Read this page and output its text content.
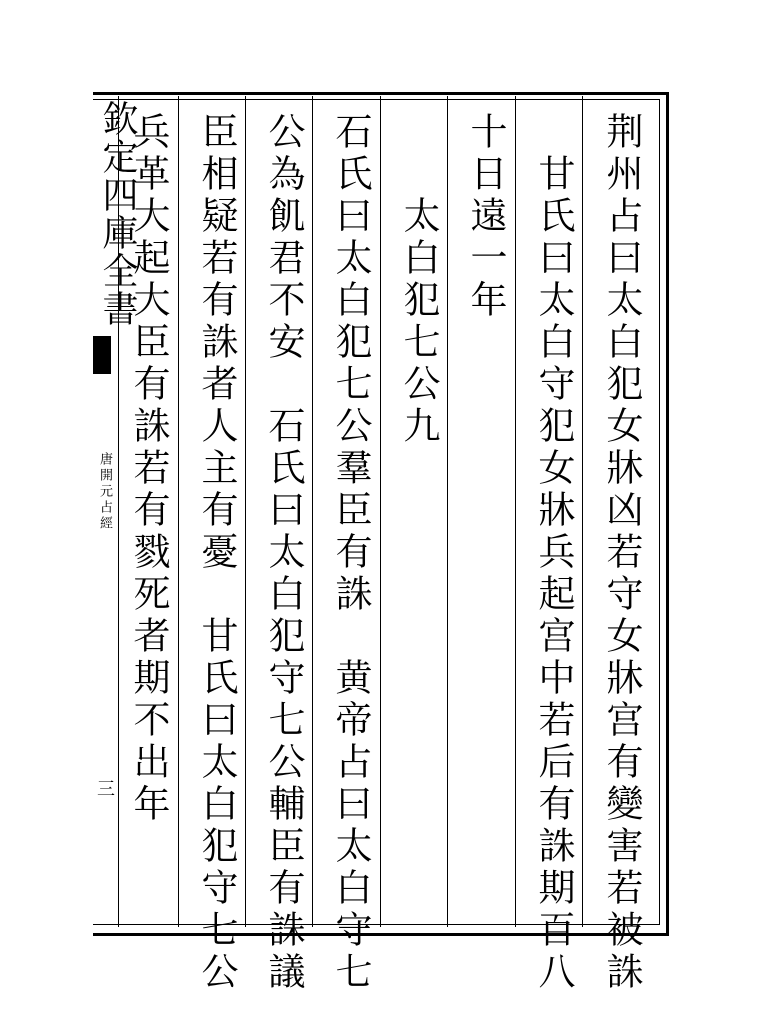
欽定四庫全書
唐開元占經
三	荆州占曰太白犯女牀凶若守女牀宫有變害若被誅
　甘氏曰太白守犯女牀兵起宫中若后有誅期百八
十日遠一年
　　太白犯七公九
石氏曰太白犯七公羣臣有誅　黄帝占曰太白守七
公為飢君不安　石氏曰太白犯守七公輔臣有誅議
臣相疑若有誅者人主有憂　甘氏曰太白犯守七公
兵革大起大臣有誅若有戮死者期不出年
